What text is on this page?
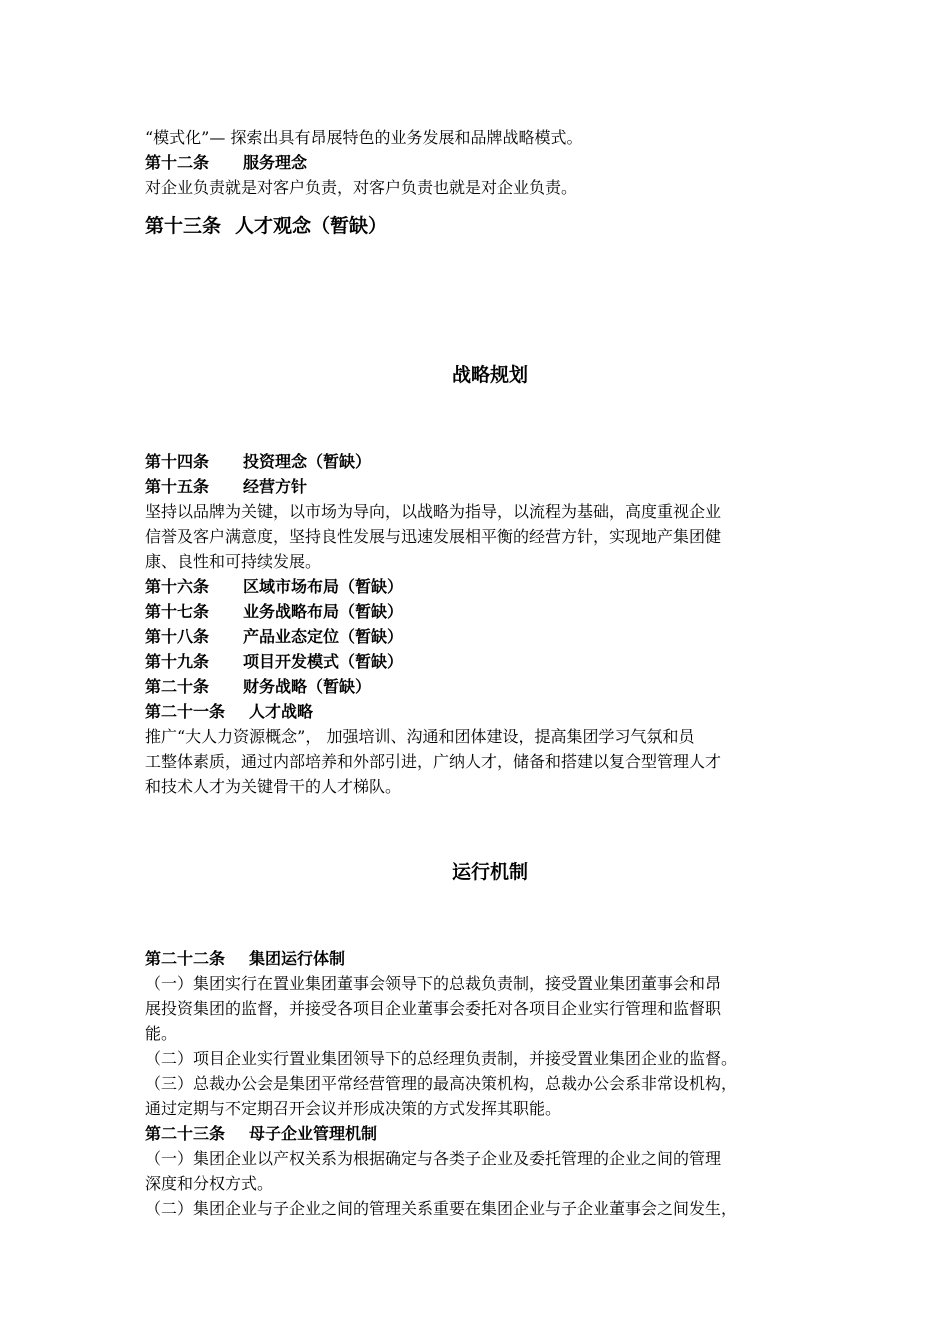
“模式化”— 探索出具有昂展特色的业务发展和品牌战略模式。
第十二条 服务理念
对企业负责就是对客户负责，对客户负责也就是对企业负责。
第十三条 人才观念（暂缺）
战略规划
第十四条 投资理念（暂缺）
第十五条 经营方针
坚持以品牌为关键，以市场为导向，以战略为指导，以流程为基础，高度重视企业
信誉及客户满意度，坚持良性发展与迅速发展相平衡的经营方针，实现地产集团健
康、良性和可持续发展。
第十六条 区域市场布局（暂缺）
第十七条 业务战略布局（暂缺）
第十八条 产品业态定位（暂缺）
第十九条 项目开发模式（暂缺）
第二十条 财务战略（暂缺）
第二十一条 人才战略
推广“大人力资源概念”， 加强培训、沟通和团体建设，提高集团学习气氛和员
工整体素质，通过内部培养和外部引进，广纳人才，储备和搭建以复合型管理人才
和技术人才为关键骨干的人才梯队。
运行机制
第二十二条 集团运行体制
（一）集团实行在置业集团董事会领导下的总裁负责制，接受置业集团董事会和昂
展投资集团的监督，并接受各项目企业董事会委托对各项目企业实行管理和监督职
能。
（二）项目企业实行置业集团领导下的总经理负责制，并接受置业集团企业的监督。
（三）总裁办公会是集团平常经营管理的最高决策机构，总裁办公会系非常设机构，
通过定期与不定期召开会议并形成决策的方式发挥其职能。
第二十三条 母子企业管理机制
（一）集团企业以产权关系为根据确定与各类子企业及委托管理的企业之间的管理
深度和分权方式。
（二）集团企业与子企业之间的管理关系重要在集团企业与子企业董事会之间发生，
